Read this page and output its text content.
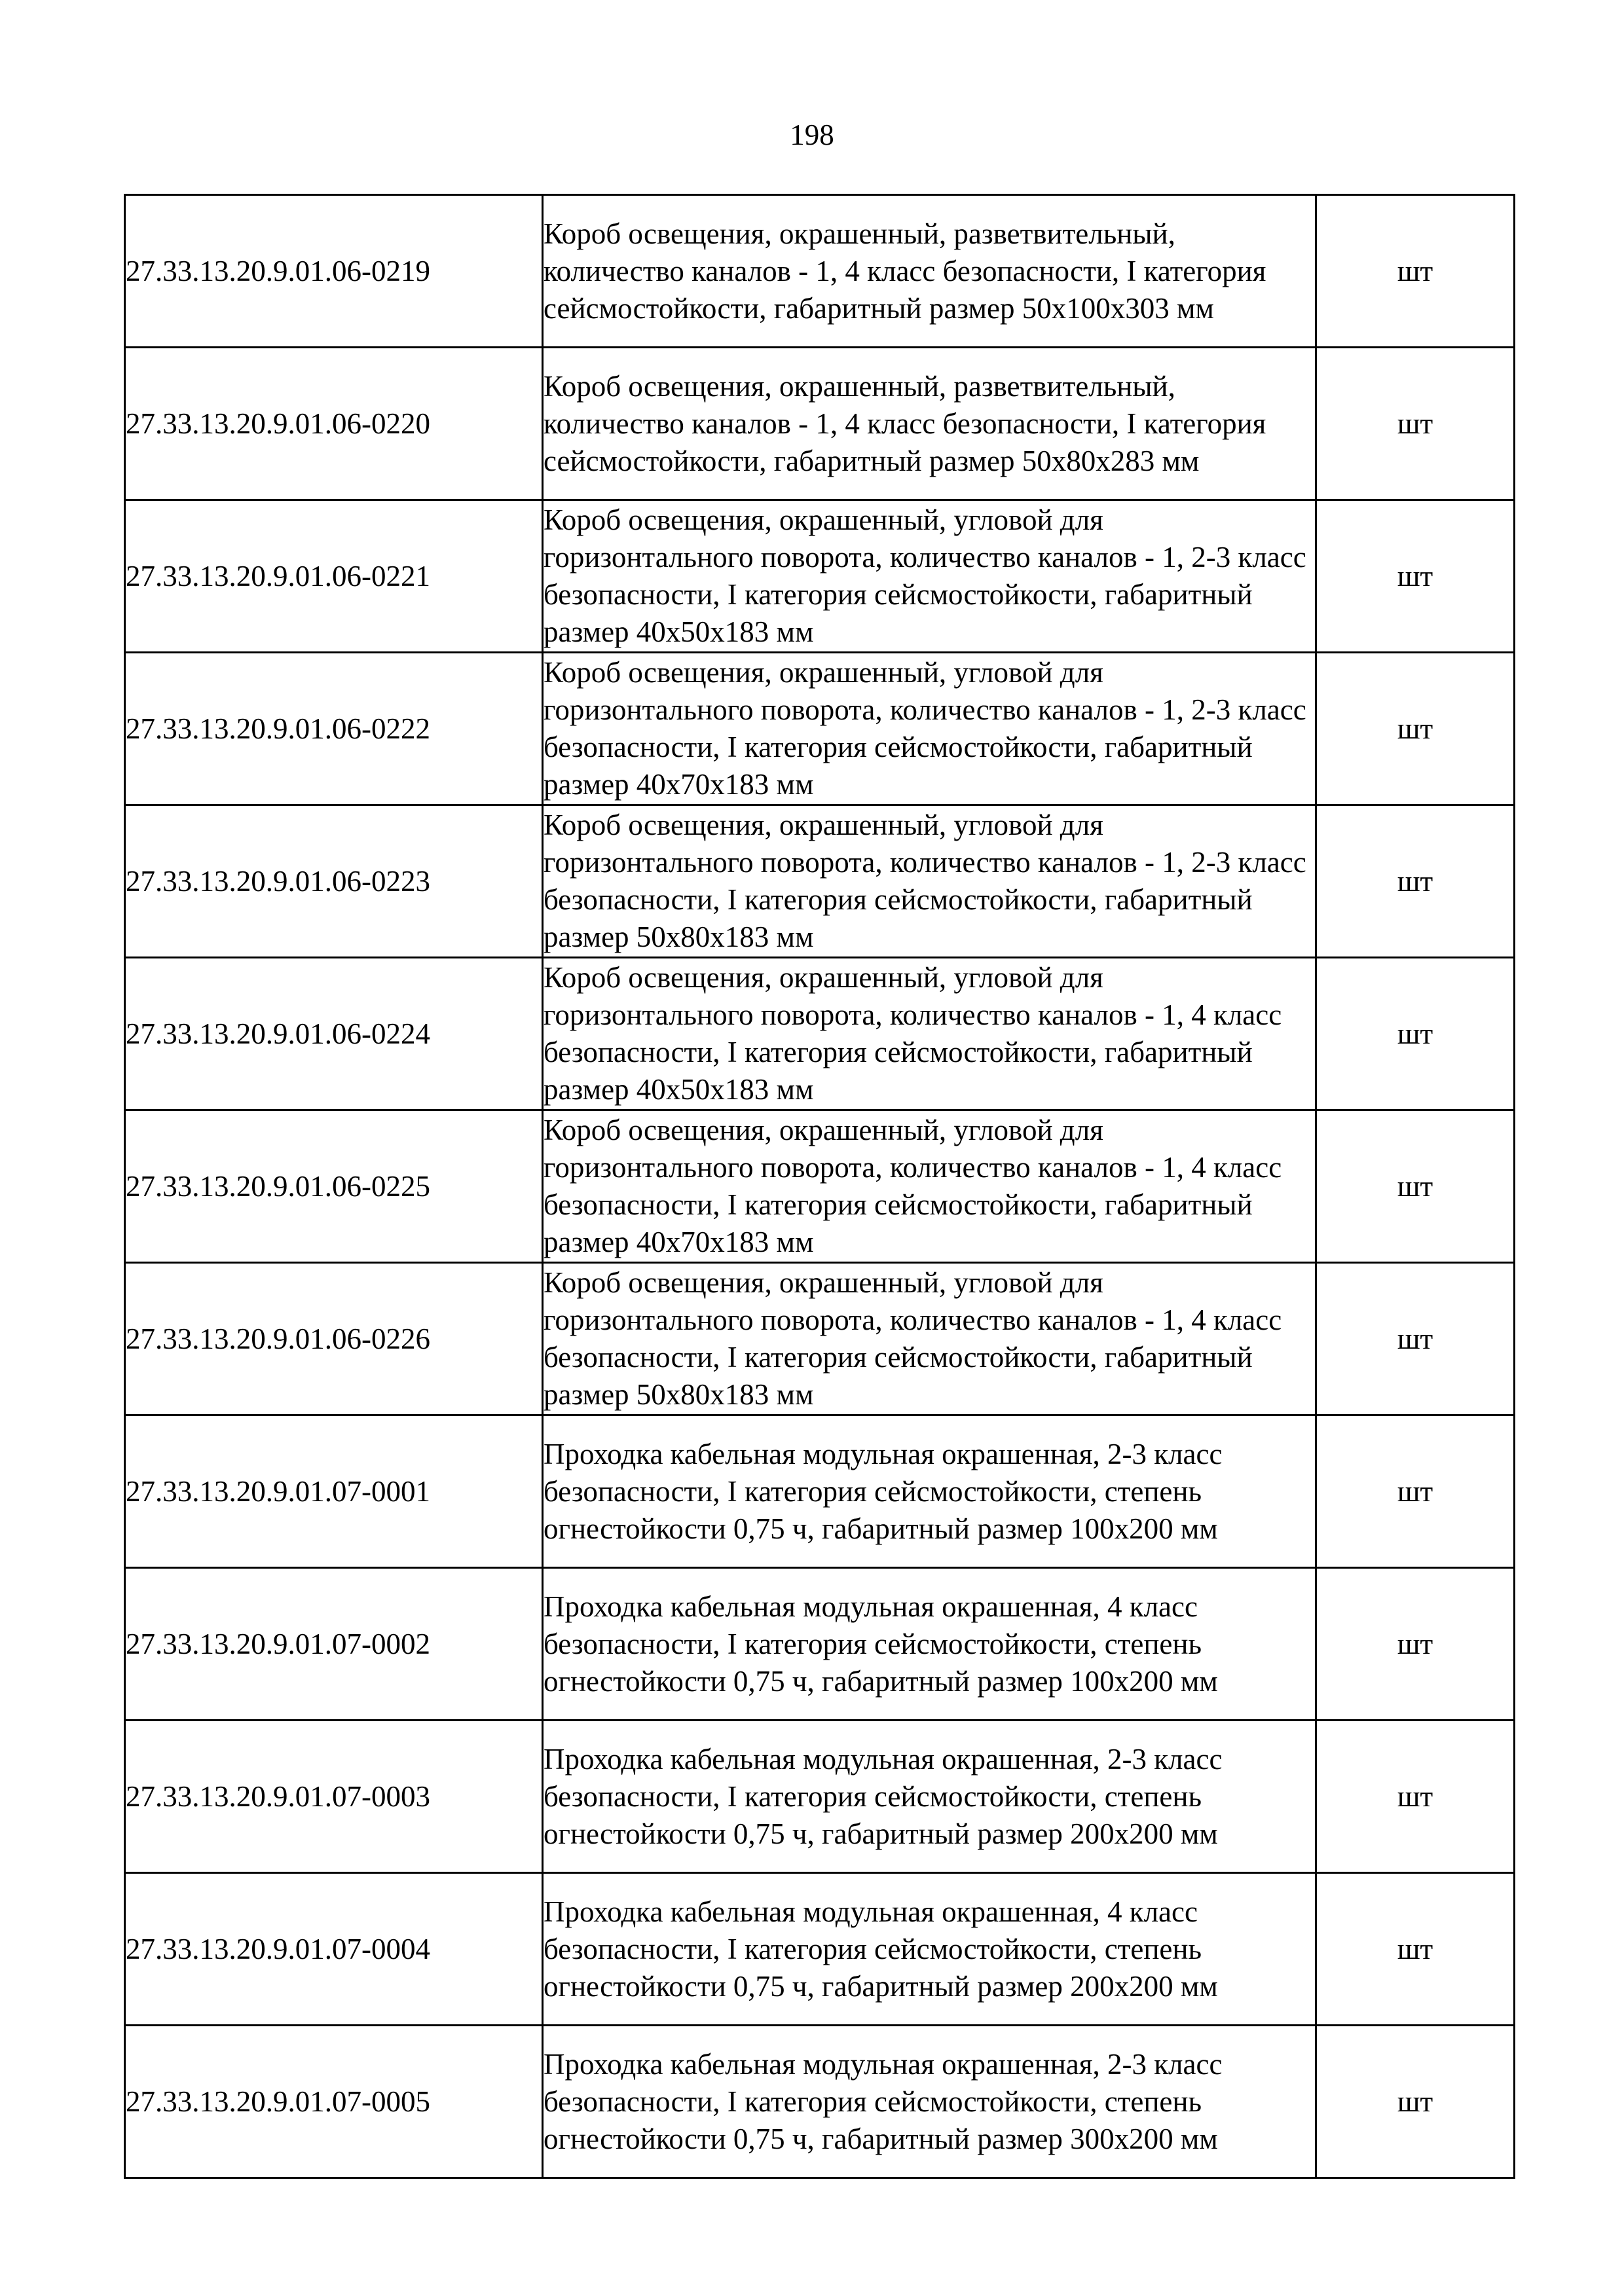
198
27.33.13.20.9.01.06-0219	Короб освещения, окрашенный, разветвительный, количество каналов - 1, 4 класс безопасности, I категория сейсмостойкости, габаритный размер 50x100x303 мм	шт
27.33.13.20.9.01.06-0220	Короб освещения, окрашенный, разветвительный, количество каналов - 1, 4 класс безопасности, I категория сейсмостойкости, габаритный размер 50x80x283 мм	шт
27.33.13.20.9.01.06-0221	Короб освещения, окрашенный, угловой для горизонтального поворота, количество каналов - 1, 2-3 класс безопасности, I категория сейсмостойкости, габаритный размер 40x50x183 мм	шт
27.33.13.20.9.01.06-0222	Короб освещения, окрашенный, угловой для горизонтального поворота, количество каналов - 1, 2-3 класс безопасности, I категория сейсмостойкости, габаритный размер 40x70x183 мм	шт
27.33.13.20.9.01.06-0223	Короб освещения, окрашенный, угловой для горизонтального поворота, количество каналов - 1, 2-3 класс безопасности, I категория сейсмостойкости, габаритный размер 50x80x183 мм	шт
27.33.13.20.9.01.06-0224	Короб освещения, окрашенный, угловой для горизонтального поворота, количество каналов - 1, 4 класс безопасности, I категория сейсмостойкости, габаритный размер 40x50x183 мм	шт
27.33.13.20.9.01.06-0225	Короб освещения, окрашенный, угловой для горизонтального поворота, количество каналов - 1, 4 класс безопасности, I категория сейсмостойкости, габаритный размер 40x70x183 мм	шт
27.33.13.20.9.01.06-0226	Короб освещения, окрашенный, угловой для горизонтального поворота, количество каналов - 1, 4 класс безопасности, I категория сейсмостойкости, габаритный размер 50x80x183 мм	шт
27.33.13.20.9.01.07-0001	Проходка кабельная модульная окрашенная, 2-3 класс безопасности, I категория сейсмостойкости, степень огнестойкости 0,75 ч, габаритный размер 100x200 мм	шт
27.33.13.20.9.01.07-0002	Проходка кабельная модульная окрашенная, 4 класс безопасности, I категория сейсмостойкости, степень огнестойкости 0,75 ч, габаритный размер 100x200 мм	шт
27.33.13.20.9.01.07-0003	Проходка кабельная модульная окрашенная, 2-3 класс безопасности, I категория сейсмостойкости, степень огнестойкости 0,75 ч, габаритный размер 200x200 мм	шт
27.33.13.20.9.01.07-0004	Проходка кабельная модульная окрашенная, 4 класс безопасности, I категория сейсмостойкости, степень огнестойкости 0,75 ч, габаритный размер 200x200 мм	шт
27.33.13.20.9.01.07-0005	Проходка кабельная модульная окрашенная, 2-3 класс безопасности, I категория сейсмостойкости, степень огнестойкости 0,75 ч, габаритный размер 300x200 мм	шт
